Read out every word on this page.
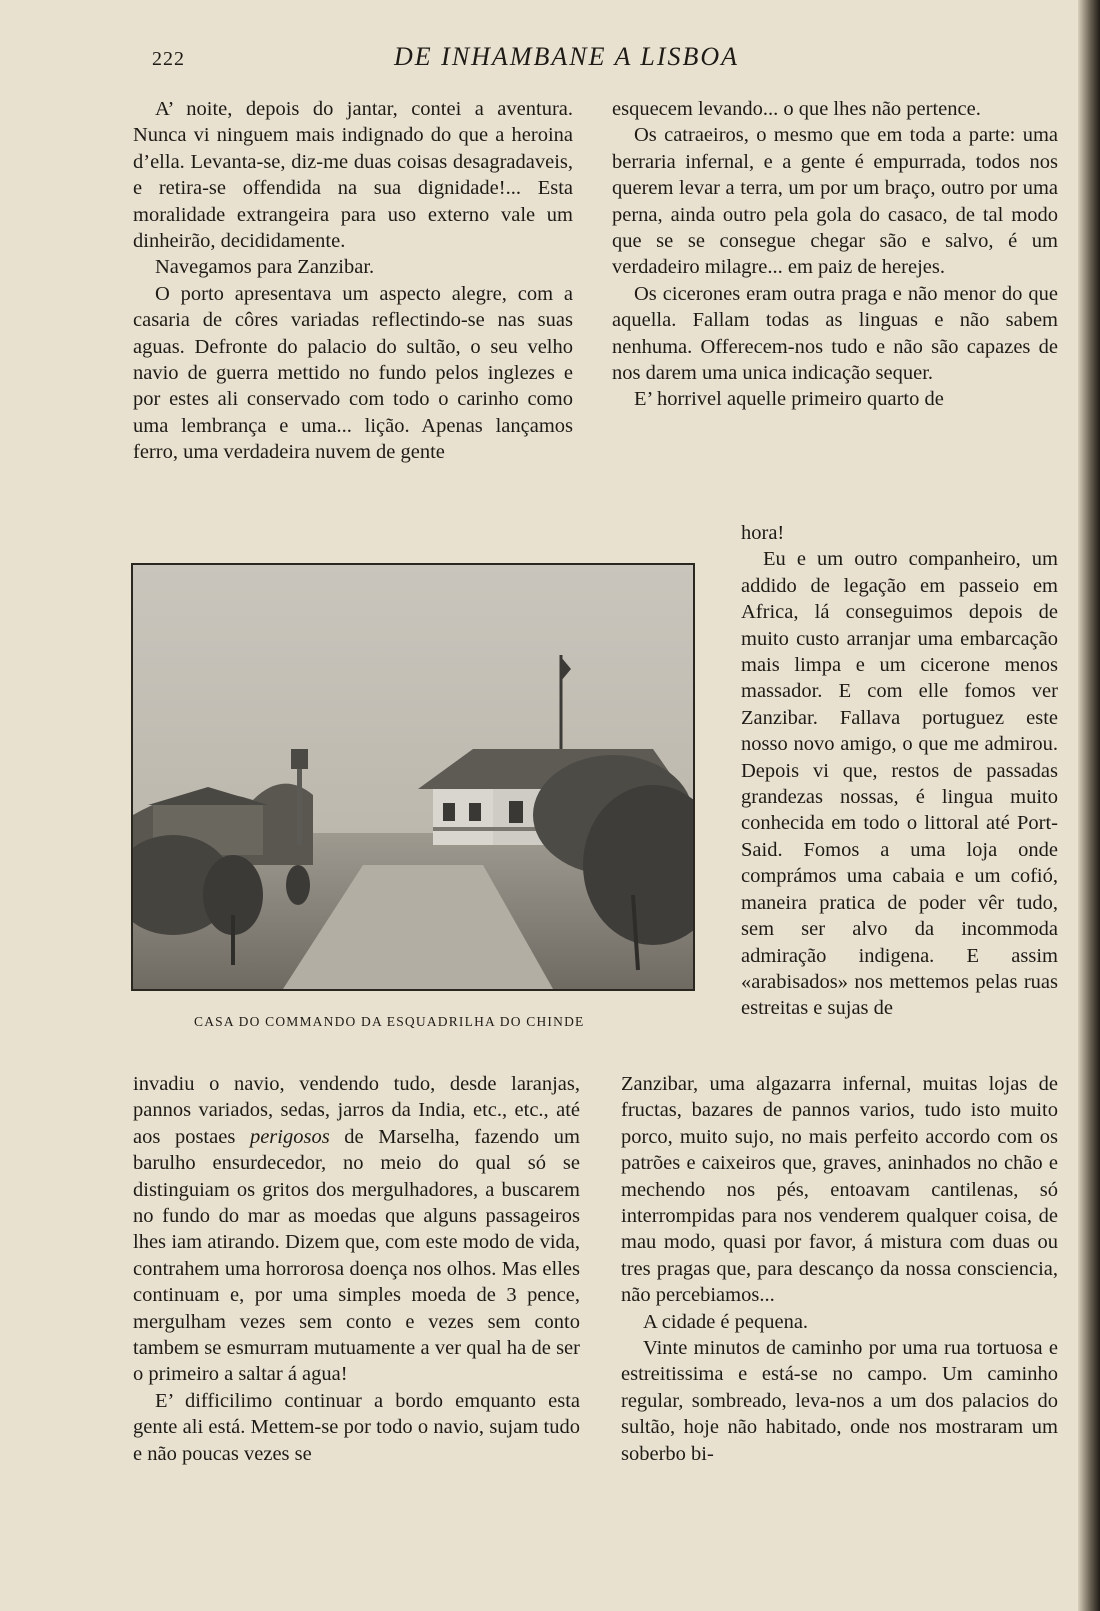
222	DE INHAMBANE A LISBOA

A’ noite, depois do jantar, contei a aventura. Nunca vi ninguem mais indignado do que a heroina d’ella. Levanta-se, diz-me duas coisas desagradaveis, e retira-se offendida na sua dignidade!... Esta moralidade extrangeira para uso externo vale um dinheirão, decididamente.

Navegamos para Zanzibar.

O porto apresentava um aspecto alegre, com a casaria de côres variadas reflectindo-se nas suas aguas. Defronte do palacio do sultão, o seu velho navio de guerra mettido no fundo pelos inglezes e por estes ali conservado com todo o carinho como uma lembrança e uma... lição. Apenas lançamos ferro, uma verdadeira nuvem de gente

esquecem levando... o que lhes não pertence.

Os catraeiros, o mesmo que em toda a parte: uma berraria infernal, e a gente é empurrada, todos nos querem levar a terra, um por um braço, outro por uma perna, ainda outro pela gola do casaco, de tal modo que se se consegue chegar são e salvo, é um verdadeiro milagre... em paiz de herejes.

Os cicerones eram outra praga e não menor do que aquella. Fallam todas as linguas e não sabem nenhuma. Offerecem-nos tudo e não são capazes de nos darem uma unica indicação sequer.

E’ horrivel aquelle primeiro quarto de

CASA DO COMMANDO DA ESQUADRILHA DO CHINDE

hora!

Eu e um outro companheiro, um addido de legação em passeio em Africa, lá conseguimos depois de muito custo arranjar uma embarcação mais limpa e um cicerone menos massador. E com elle fomos ver Zanzibar. Fallava portuguez este nosso novo amigo, o que me admirou. Depois vi que, restos de passadas grandezas nossas, é lingua muito conhecida em todo o littoral até Port-Said. Fomos a uma loja onde comprámos uma cabaia e um cofió, maneira pratica de poder vêr tudo, sem ser alvo da incommoda admiração indigena. E assim «arabisados» nos mettemos pelas ruas estreitas e sujas de

invadiu o navio, vendendo tudo, desde laranjas, pannos variados, sedas, jarros da India, etc., etc., até aos postaes perigosos de Marselha, fazendo um barulho ensurdecedor, no meio do qual só se distinguiam os gritos dos mergulhadores, a buscarem no fundo do mar as moedas que alguns passageiros lhes iam atirando. Dizem que, com este modo de vida, contrahem uma horrorosa doença nos olhos. Mas elles continuam e, por uma simples moeda de 3 pence, mergulham vezes sem conto e vezes sem conto tambem se esmurram mutuamente a ver qual ha de ser o primeiro a saltar á agua!

E’ difficilimo continuar a bordo emquanto esta gente ali está. Mettem-se por todo o navio, sujam tudo e não poucas vezes se

Zanzibar, uma algazarra infernal, muitas lojas de fructas, bazares de pannos varios, tudo isto muito porco, muito sujo, no mais perfeito accordo com os patrões e caixeiros que, graves, aninhados no chão e mechendo nos pés, entoavam cantilenas, só interrompidas para nos venderem qualquer coisa, de mau modo, quasi por favor, á mistura com duas ou tres pragas que, para descanço da nossa consciencia, não percebiamos...

A cidade é pequena.

Vinte minutos de caminho por uma rua tortuosa e estreitissima e está-se no campo. Um caminho regular, sombreado, leva-nos a um dos palacios do sultão, hoje não habitado, onde nos mostraram um soberbo bi-
